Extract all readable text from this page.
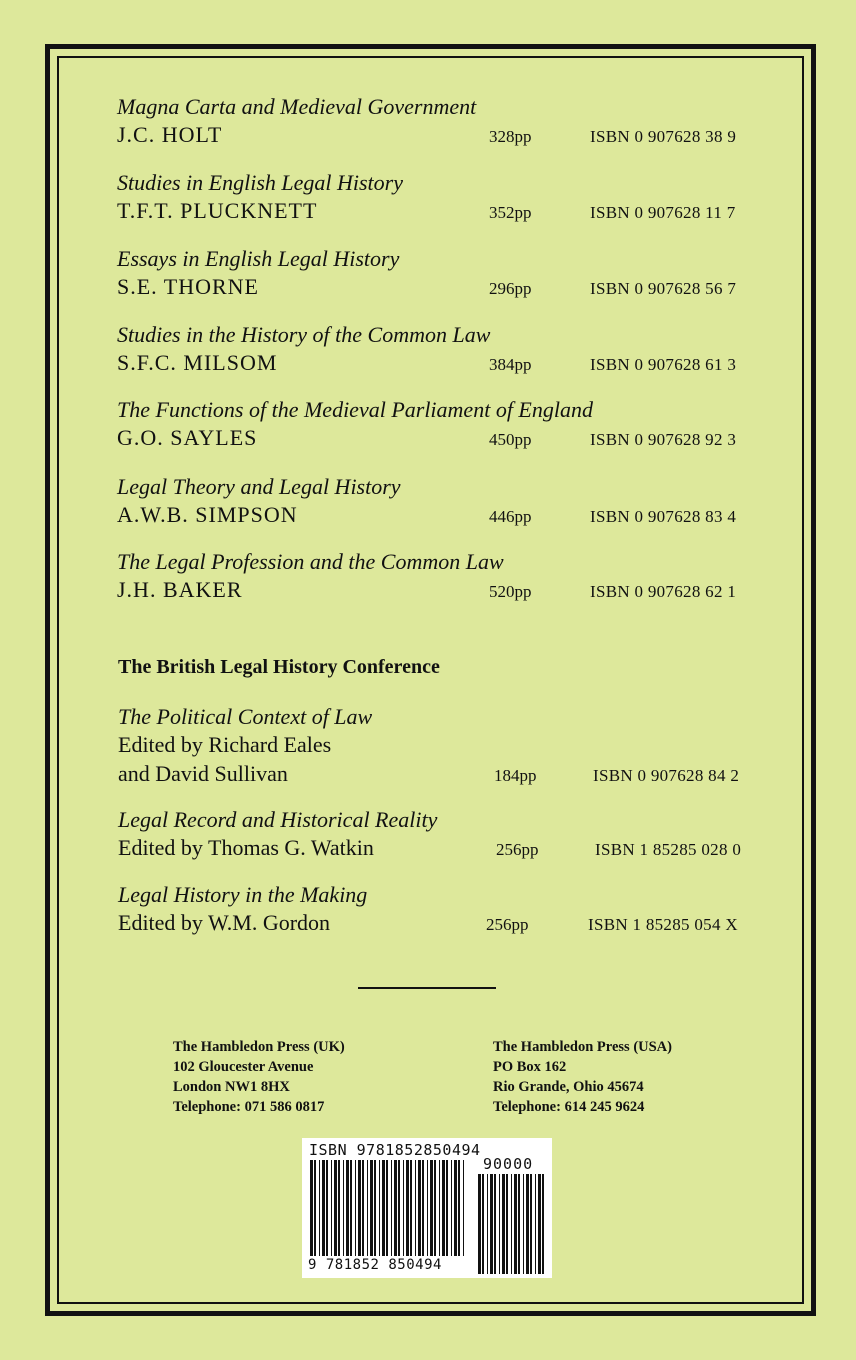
Magna Carta and Medieval Government
J.C. HOLT	328pp	ISBN 0 907628 38 9
Studies in English Legal History
T.F.T. PLUCKNETT	352pp	ISBN 0 907628 11 7
Essays in English Legal History
S.E. THORNE	296pp	ISBN 0 907628 56 7
Studies in the History of the Common Law
S.F.C. MILSOM	384pp	ISBN 0 907628 61 3
The Functions of the Medieval Parliament of England
G.O. SAYLES	450pp	ISBN 0 907628 92 3
Legal Theory and Legal History
A.W.B. SIMPSON	446pp	ISBN 0 907628 83 4
The Legal Profession and the Common Law
J.H. BAKER	520pp	ISBN 0 907628 62 1
The British Legal History Conference
The Political Context of Law
Edited by Richard Eales
and David Sullivan	184pp	ISBN 0 907628 84 2
Legal Record and Historical Reality
Edited by Thomas G. Watkin	256pp	ISBN 1 85285 028 0
Legal History in the Making
Edited by W.M. Gordon	256pp	ISBN 1 85285 054 X
The Hambledon Press (UK)
102 Gloucester Avenue
London NW1 8HX
Telephone: 071 586 0817
The Hambledon Press (USA)
PO Box 162
Rio Grande, Ohio 45674
Telephone: 614 245 9624
ISBN 9781852850494
90000
9 781852 850494
